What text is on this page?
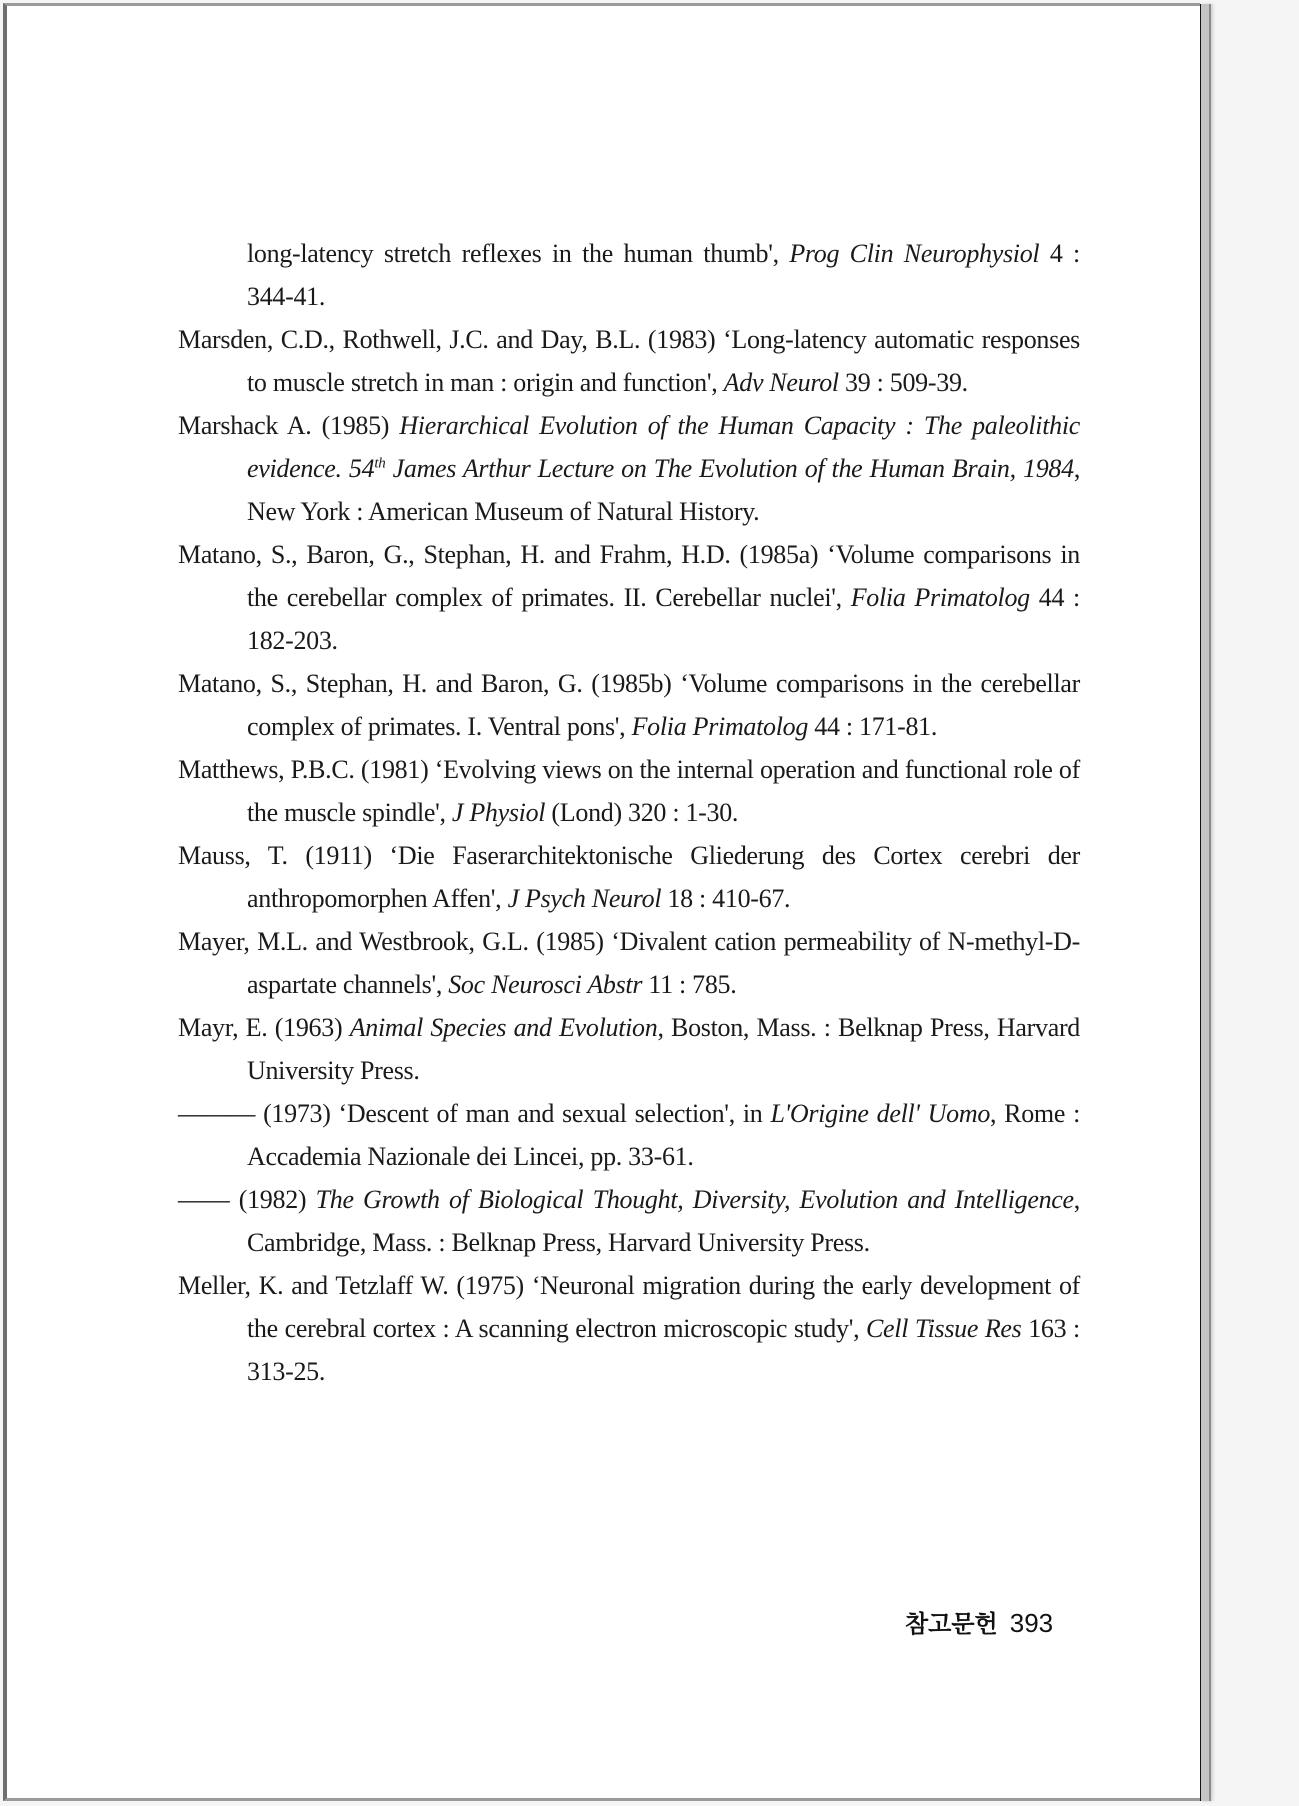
long-latency stretch reflexes in the human thumb', Prog Clin Neurophysiol 4 : 344-41.

Marsden, C.D., Rothwell, J.C. and Day, B.L. (1983) ‘Long-latency automatic responses to muscle stretch in man : origin and function', Adv Neurol 39 : 509-39.

Marshack A. (1985) Hierarchical Evolution of the Human Capacity : The paleolithic evidence. 54th James Arthur Lecture on The Evolution of the Human Brain, 1984, New York : American Museum of Natural History.

Matano, S., Baron, G., Stephan, H. and Frahm, H.D. (1985a) ‘Volume comparisons in the cerebellar complex of primates. II. Cerebellar nuclei', Folia Primatolog 44 : 182-203.

Matano, S., Stephan, H. and Baron, G. (1985b) ‘Volume comparisons in the cerebellar complex of primates. I. Ventral pons', Folia Primatolog 44 : 171-81.

Matthews, P.B.C. (1981) ‘Evolving views on the internal operation and functional role of the muscle spindle', J Physiol (Lond) 320 : 1-30.

Mauss, T. (1911) ‘Die Faserarchitektonische Gliederung des Cortex cerebri der anthropomorphen Affen', J Psych Neurol 18 : 410-67.

Mayer, M.L. and Westbrook, G.L. (1985) ‘Divalent cation permeability of N-methyl-D-aspartate channels', Soc Neurosci Abstr 11 : 785.

Mayr, E. (1963) Animal Species and Evolution, Boston, Mass. : Belknap Press, Harvard University Press.

——— (1973) ‘Descent of man and sexual selection', in L'Origine dell' Uomo, Rome : Accademia Nazionale dei Lincei, pp. 33-61.

—— (1982) The Growth of Biological Thought, Diversity, Evolution and Intelligence, Cambridge, Mass. : Belknap Press, Harvard University Press.

Meller, K. and Tetzlaff W. (1975) ‘Neuronal migration during the early development of the cerebral cortex : A scanning electron microscopic study', Cell Tissue Res 163 : 313-25.

참고문헌 393
